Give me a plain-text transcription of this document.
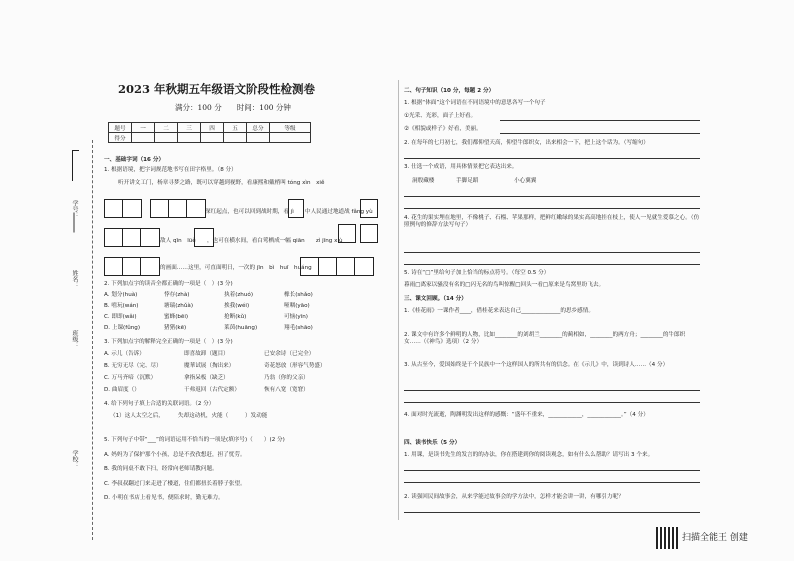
学号：
姓名：
班级：
学校：
2023 年秋期五年级语文阶段性检测卷
满分：100 分　　时间：100 分钟
题号	一	二	三	四	五	总分	等级
得分							
一、基础字词（16 分）
1. 根据语境，把字词规范地书写在田字格里。（8 分）
听开讲文工门，杨章寻梦之路，既可以穿越到视野，看康熙和戴梢叫 tóng xìn　xiě
深红起点，也可以回到战时期，看 jì　　中人民通过地道战 fǎng yù
敌人 qīn　lüè　　，也可在横水间，看白莺栖成一幅 qiān　　zì jīng xiù
的画面……这里，可直面明日，一次的 jīn　bì　huī　huáng
2. 下列加点字的读音全都正确的一项是（　）(3 分)
A. 划分(huà)	悖存(zhà)	执着(zhuó)	橡长(shǎo)
B. 嘻玩(wán)	塘瑞(zhǔà)	挨我(wéi)	哑咽(yāo)
C. 即即(wǎi)	蜜蜂(bēi)	抢断(kǔ)	可恼(yīn)
D. 上课(fǔng)	猪猪(kē)	莱茵(huāng)	翔毛(shāo)
3. 下列加点字的解释完全正确的一项是（　）(3 分)
A. 示儿（告诉）	即喜故卸（题目）	已安余诗（已完全）
B. 无穷无尽（完、尽）	魔華试展（掏出来）	奇花怒放（形容气势盛）
C. 万马齐喑（沉默）	拿指呆板（缺乏）	乃翁（你的父亲）
D. 曲眉度（）	干弗返回（古代定额）	恢有八宽（宽窘）
4. 给下列句子填上合适的关联词语。（2 分）
（1）这人太空之后，　　　失却这动机，火能（　　　）发动能
5. 下列句子中带“___”的词语运用不恰当的一项是(填序号)（　　）(2 分)
A. 妈妈为了保护那个小孩，总是不孜孜想赶，担了忧劳。
B. 我的同桌不敢下扫，经常向老师请教问题。
C. 李叔叔翻过门来走进了楼道，住们都扭长着脖子张望。
D. 小明在书店上看见书，便陪求时，勤无难力。
二、句子知识（10 分，每题 2 分）
1. 根据“体面”这个词语在不同语境中的意思各写一个句子
①光采、光彩，面子上好看。
②《相貌或样子》好看，美丽。
2. 在每年的七月初七，我们都仰望天高，仰望牛郎织女，出来相会一下，把上这个话为。（写缩句）
3. 仕选一个成语，用具体情景把它表达出来。
洞殷藏楼	手脚足蹈	小心翼翼
4. 花生的果实埋在地里，不像桃子、石榴、苹果那样，把鲜红嫩绿的果实高高地挂在枝上，使人一见就生爱慕之心。（仿照例句的修辞方法写句子）
5. 诗在“□”里给句子加上恰当的标点符号。（每空 0.5 分）
暮雨□离家以骚没有名的□闪无名的鸟叫惊醒□回头一看□原来是鸟窝里纷飞去。
三、课文回顾。（14 分）
1.《桂花雨》一课作者____，借桂花来表达自己______________的思乡感情。
2. 课文中有许多个鲜明的人物，比如________的刘胡兰________的蔺相如，________的两方舟；________的牛郎织女……（《神鸟》选项）（2 分）
3. 从古至今，爱国始终是千个民族中一个这样国人的所共有的信念。在《示儿》中，读到诗人……（4 分）
4. 面对时光流逝，陶渊明发出这样的感慨：“盛年不重来，____________，____________。”（4 分）
四、读书快乐（5 分）
1. 用课，是读书先生的发言的的办法，你在搭建到你的阅读观念，如有什么么帮助？请写出 3 个来。
2. 读强回民间故事会，从来学能过故事会的学方法中，怎样才能会讲一讲，有哪引力呢？
扫描全能王 创建
